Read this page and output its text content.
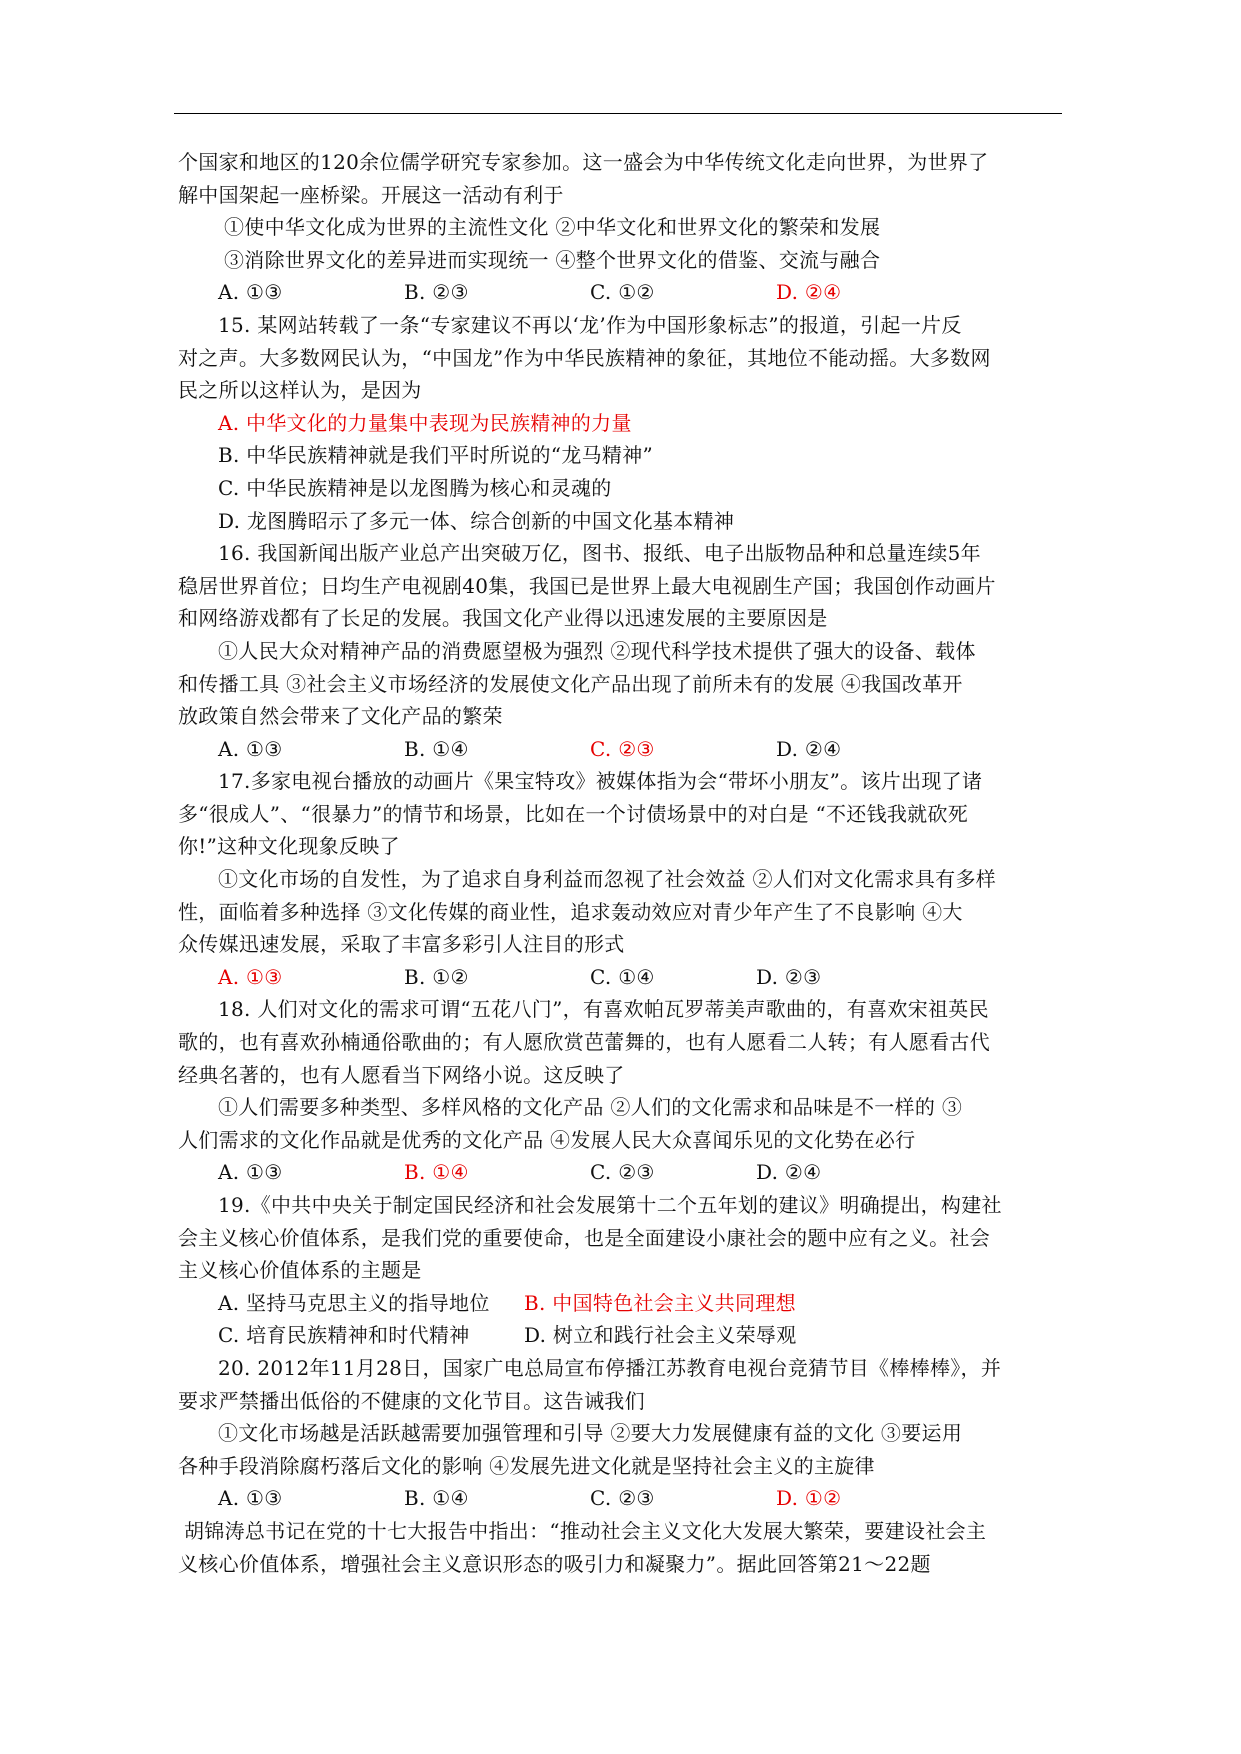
个国家和地区的120余位儒学研究专家参加。这一盛会为中华传统文化走向世界，为世界了
解中国架起一座桥梁。开展这一活动有利于
①使中华文化成为世界的主流性文化 ②中华文化和世界文化的繁荣和发展
③消除世界文化的差异进而实现统一 ④整个世界文化的借鉴、交流与融合
A. ①③	B. ②③	C. ①②	D. ②④
15. 某网站转载了一条“专家建议不再以‘龙’作为中国形象标志”的报道，引起一片反
对之声。大多数网民认为，“中国龙”作为中华民族精神的象征，其地位不能动摇。大多数网
民之所以这样认为，是因为
A. 中华文化的力量集中表现为民族精神的力量
B. 中华民族精神就是我们平时所说的“龙马精神”
C. 中华民族精神是以龙图腾为核心和灵魂的
D. 龙图腾昭示了多元一体、综合创新的中国文化基本精神
16. 我国新闻出版产业总产出突破万亿，图书、报纸、电子出版物品种和总量连续5年
稳居世界首位；日均生产电视剧40集，我国已是世界上最大电视剧生产国；我国创作动画片
和网络游戏都有了长足的发展。我国文化产业得以迅速发展的主要原因是
①人民大众对精神产品的消费愿望极为强烈 ②现代科学技术提供了强大的设备、载体
和传播工具 ③社会主义市场经济的发展使文化产品出现了前所未有的发展 ④我国改革开
放政策自然会带来了文化产品的繁荣
A. ①③	B. ①④	C. ②③	D. ②④
17.多家电视台播放的动画片《果宝特攻》被媒体指为会“带坏小朋友”。该片出现了诸
多“很成人”、“很暴力”的情节和场景，比如在一个讨债场景中的对白是 “不还钱我就砍死
你!”这种文化现象反映了
①文化市场的自发性，为了追求自身利益而忽视了社会效益 ②人们对文化需求具有多样
性，面临着多种选择 ③文化传媒的商业性，追求轰动效应对青少年产生了不良影响 ④大
众传媒迅速发展，采取了丰富多彩引人注目的形式
A. ①③	B. ①②	C. ①④	D. ②③
18. 人们对文化的需求可谓“五花八门”，有喜欢帕瓦罗蒂美声歌曲的，有喜欢宋祖英民
歌的，也有喜欢孙楠通俗歌曲的；有人愿欣赏芭蕾舞的，也有人愿看二人转；有人愿看古代
经典名著的，也有人愿看当下网络小说。这反映了
①人们需要多种类型、多样风格的文化产品 ②人们的文化需求和品味是不一样的 ③
人们需求的文化作品就是优秀的文化产品 ④发展人民大众喜闻乐见的文化势在必行
A. ①③	B. ①④	C. ②③	D. ②④
19.《中共中央关于制定国民经济和社会发展第十二个五年划的建议》明确提出，构建社
会主义核心价值体系，是我们党的重要使命，也是全面建设小康社会的题中应有之义。社会
主义核心价值体系的主题是
A. 坚持马克思主义的指导地位	B. 中国特色社会主义共同理想
C. 培育民族精神和时代精神	D. 树立和践行社会主义荣辱观
20. 2012年11月28日，国家广电总局宣布停播江苏教育电视台竞猜节目《棒棒棒》，并
要求严禁播出低俗的不健康的文化节目。这告诫我们
①文化市场越是活跃越需要加强管理和引导 ②要大力发展健康有益的文化 ③要运用
各种手段消除腐朽落后文化的影响 ④发展先进文化就是坚持社会主义的主旋律
A. ①③	B. ①④	C. ②③	D. ①②
胡锦涛总书记在党的十七大报告中指出：“推动社会主义文化大发展大繁荣，要建设社会主
义核心价值体系，增强社会主义意识形态的吸引力和凝聚力”。据此回答第21～22题
